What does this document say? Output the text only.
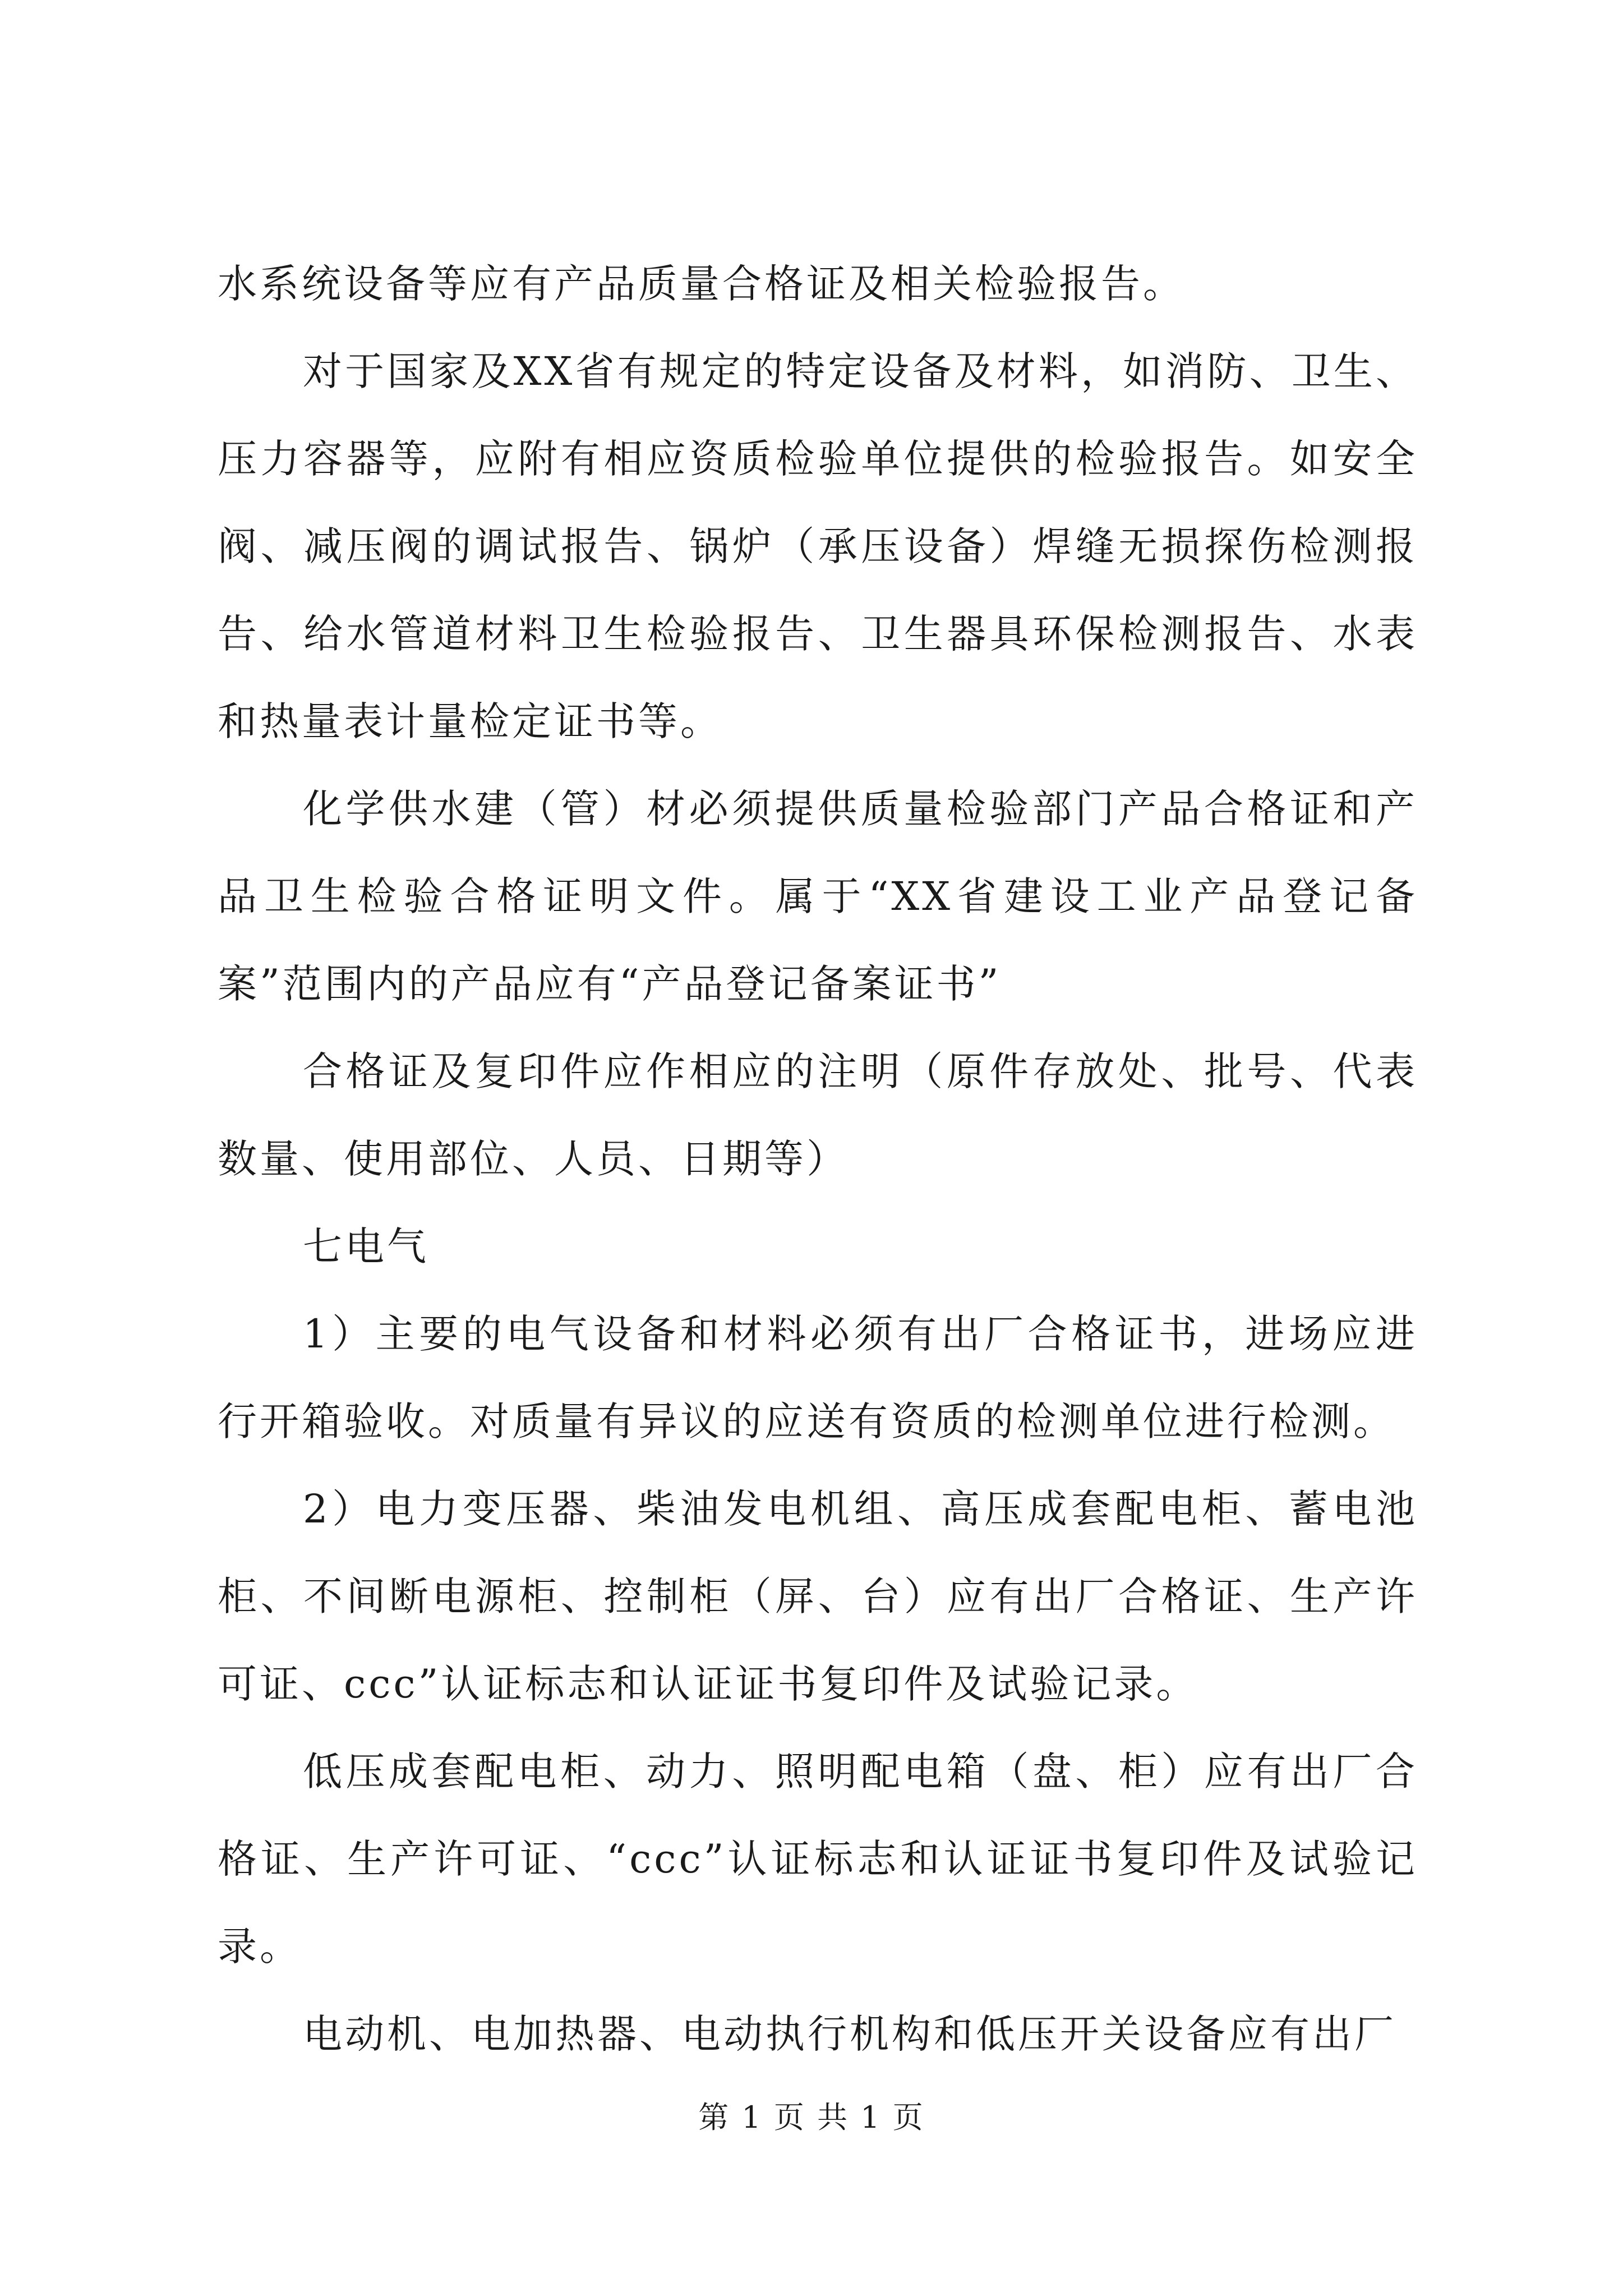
水系统设备等应有产品质量合格证及相关检验报告。

对于国家及XX省有规定的特定设备及材料，如消防、卫生、压力容器等，应附有相应资质检验单位提供的检验报告。如安全阀、减压阀的调试报告、锅炉（承压设备）焊缝无损探伤检测报告、给水管道材料卫生检验报告、卫生器具环保检测报告、水表和热量表计量检定证书等。

化学供水建（管）材必须提供质量检验部门产品合格证和产品卫生检验合格证明文件。属于“XX省建设工业产品登记备案”范围内的产品应有“产品登记备案证书”

合格证及复印件应作相应的注明（原件存放处、批号、代表数量、使用部位、人员、日期等）

七电气

1）主要的电气设备和材料必须有出厂合格证书，进场应进行开箱验收。对质量有异议的应送有资质的检测单位进行检测。

2）电力变压器、柴油发电机组、高压成套配电柜、蓄电池柜、不间断电源柜、控制柜（屏、台）应有出厂合格证、生产许可证、ccc”认证标志和认证证书复印件及试验记录。

低压成套配电柜、动力、照明配电箱（盘、柜）应有出厂合格证、生产许可证、“ccc”认证标志和认证证书复印件及试验记录。

电动机、电加热器、电动执行机构和低压开关设备应有出厂

第 1 页 共 1 页
